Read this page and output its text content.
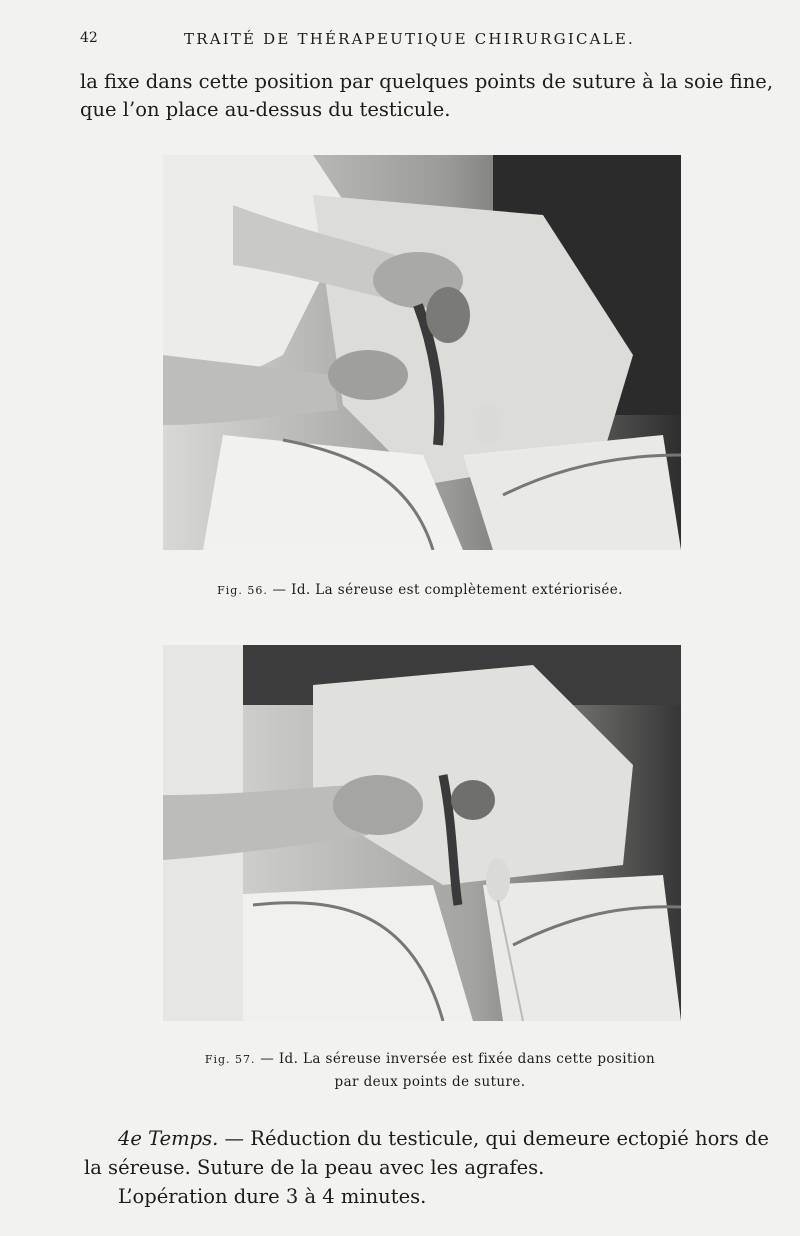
42	TRAITÉ DE THÉRAPEUTIQUE CHIRURGICALE.
la fixe dans cette position par quelques points de suture à la soie fine,
que l’on place au-dessus du testicule.
Fig. 56. — Id. La séreuse est complètement extériorisée.
Fig. 57. — Id. La séreuse inversée est fixée dans cette position
par deux points de suture.
4e Temps. — Réduction du testicule, qui demeure ectopié hors de
la séreuse. Suture de la peau avec les agrafes.
L’opération dure 3 à 4 minutes.
